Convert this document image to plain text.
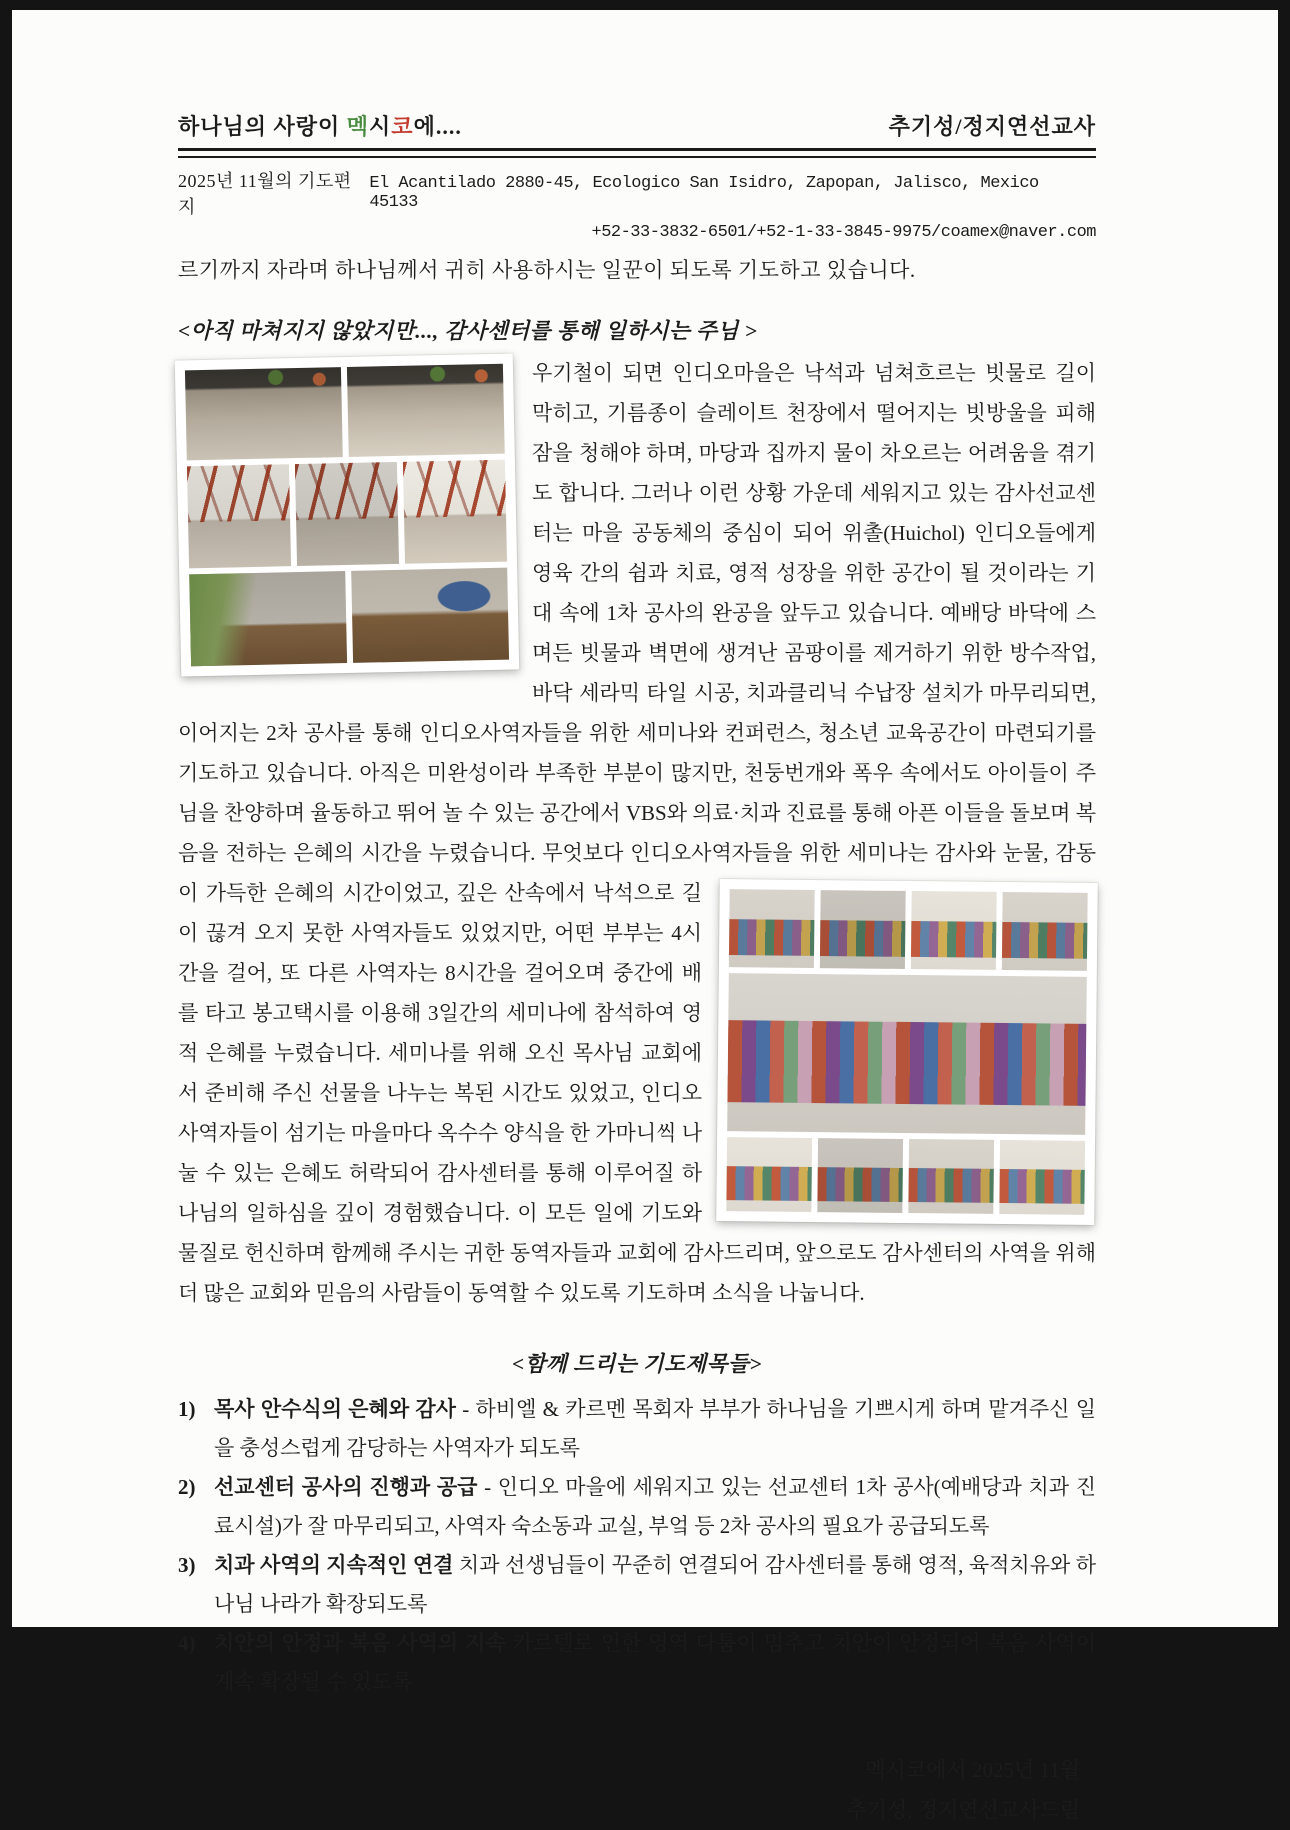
하나님의 사랑이 멕시코에....	추기성/정지연선교사
2025년 11월의 기도편지
El Acantilado 2880-45, Ecologico San Isidro, Zapopan, Jalisco, Mexico 45133
+52-33-3832-6501/+52-1-33-3845-9975/coamex@naver.com

르기까지 자라며 하나님께서 귀히 사용하시는 일꾼이 되도록 기도하고 있습니다.

<아직 마쳐지지 않았지만..., 감사센터를 통해 일하시는 주님 >

우기철이 되면 인디오마을은 낙석과 넘쳐흐르는 빗물로 길이 막히고, 기름종이 슬레이트 천장에서 떨어지는 빗방울을 피해 잠을 청해야 하며, 마당과 집까지 물이 차오르는 어려움을 겪기도 합니다. 그러나 이런 상황 가운데 세워지고 있는 감사선교센터는 마을 공동체의 중심이 되어 위촐(Huichol) 인디오들에게 영육 간의 쉼과 치료, 영적 성장을 위한 공간이 될 것이라는 기대 속에 1차 공사의 완공을 앞두고 있습니다. 예배당 바닥에 스며든 빗물과 벽면에 생겨난 곰팡이를 제거하기 위한 방수작업, 바닥 세라믹 타일 시공, 치과클리닉 수납장 설치가 마무리되면, 이어지는 2차 공사를 통해 인디오사역자들을 위한 세미나와 컨퍼런스, 청소년 교육공간이 마련되기를 기도하고 있습니다. 아직은 미완성이라 부족한 부분이 많지만, 천둥번개와 폭우 속에서도 아이들이 주님을 찬양하며 율동하고 뛰어 놀 수 있는 공간에서 VBS와 의료·치과 진료를 통해 아픈 이들을 돌보며 복음을 전하는 은혜의 시간을 누렸습니다. 무엇보다 인디오사역자
들을 위한 세미나는 감사와 눈물, 감동이 가득한 은혜의 시간이었고, 깊은 산속에서 낙석으로 길이 끊겨 오지 못한 사역자들도 있었지만, 어떤 부부는 4시간을 걸어, 또 다른 사역자는 8시간을 걸어오며 중간에 배를 타고 봉고택시를 이용해 3일간의 세미나에 참석하여 영적 은혜를 누렸습니다. 세미나를 위해 오신 목사님 교회에서 준비해 주신 선물을 나누는 복된 시간도 있었고, 인디오사역자들이 섬기는 마을마다 옥수수 양식을 한 가마니씩 나눌 수 있는 은혜도 허락되어 감사센터를 통해 이루어질 하나님의 일하심을 깊이 경험했습니다. 이 모든 일에 기도와 물질로 헌신하며 함께해 주시는 귀한 동역자들과 교회에 감사드리며, 앞으로도 감사센터의 사역을 위해 더 많은 교회와 믿음의 사람들이 동역할 수 있도록 기도하며 소식을 나눕니다.

<함께 드리는 기도제목들>
1) 목사 안수식의 은혜와 감사 - 하비엘 & 카르멘 목회자 부부가 하나님을 기쁘시게 하며 맡겨주신 일을 충성스럽게 감당하는 사역자가 되도록
2) 선교센터 공사의 진행과 공급 - 인디오 마을에 세워지고 있는 선교센터 1차 공사(예배당과 치과 진료시설)가 잘 마무리되고, 사역자 숙소동과 교실, 부엌 등 2차 공사의 필요가 공급되도록
3) 치과 사역의 지속적인 연결 치과 선생님들이 꾸준히 연결되어 감사센터를 통해 영적, 육적치유와 하나님 나라가 확장되도록
4) 치안의 안정과 복음 사역의 지속 카르텔로 인한 영역 다툼이 멈추고 치안이 안정되어 복음 사역이 계속 확장될 수 있도록
멕시코에서 2025년 11월
추기성, 정지연선교사드림
